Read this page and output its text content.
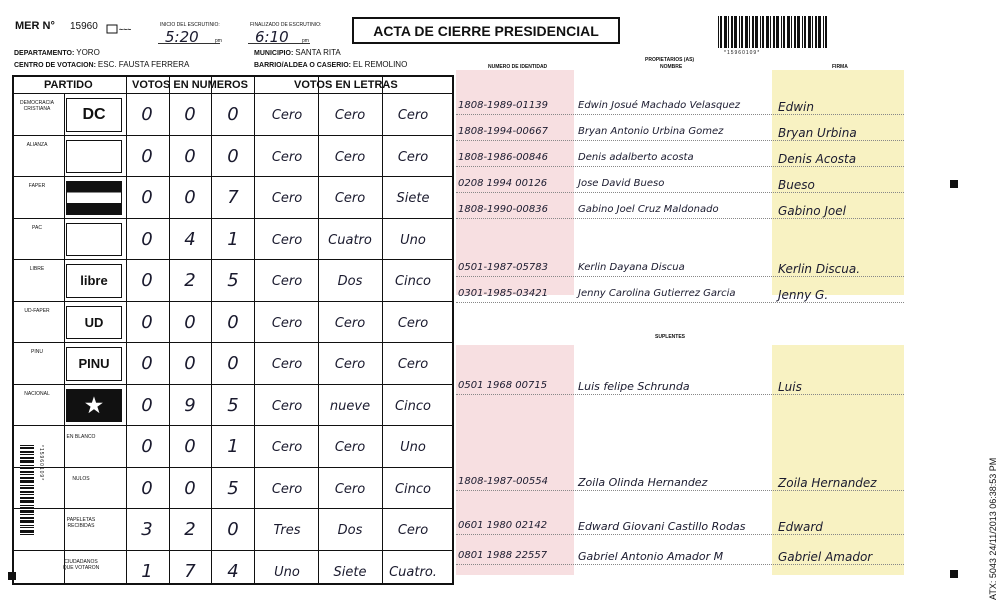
MER N° 15960	~~~
INICIO DEL ESCRUTINIO:
5:20	pm
FINALIZADO DE ESCRUTINIO:
6:10	pm
ACTA DE CIERRE PRESIDENCIAL
DEPARTAMENTO: YORO	MUNICIPIO: SANTA RITA
CENTRO DE VOTACION: ESC. FAUSTA FERRERA	BARRIO/ALDEA O CASERIO: EL REMOLINO
*15960109*
PARTIDO	VOTOS EN NUMEROS	VOTOS EN LETRAS
DEMOCRACIA CRISTIANA	DC	0	0	0	Cero	Cero	Cero
ALIANZA
0	0	0	Cero	Cero	Cero
FAPER
0	0	7	Cero	Cero	Siete
PAC
0	4	1	Cero	Cuatro	Uno
LIBRE
libre	0	2	5	Cero	Dos	Cinco
UD-FAPER
UD	0	0	0	Cero	Cero	Cero
PINU
PINU	0	0	0	Cero	Cero	Cero
NACIONAL
★	0	9	5	Cero	nueve	Cinco
EN BLANCO	0	0	1	Cero	Cero	Uno
NULOS	0	0	5	Cero	Cero	Cinco
PAPELETAS RECIBIDAS	3	2	0	Tres	Dos	Cero
CIUDADANOS QUE VOTARON	1	7	4	Uno	Siete	Cuatro.
*15960109*
NUMERO DE IDENTIDAD
PROPIETARIOS (AS)
NOMBRE	FIRMA
SUPLENTES
1808-1989-01139	Edwin Josué Machado Velasquez	Edwin
1808-1994-00667	Bryan Antonio Urbina Gomez	Bryan Urbina
1808-1986-00846	Denis adalberto acosta	Denis Acosta
0208 1994 00126	Jose David Bueso	Bueso
1808-1990-00836	Gabino Joel Cruz Maldonado	Gabino Joel
0501-1987-05783	Kerlin Dayana Discua	Kerlin Discua.
0301-1985-03421	Jenny Carolina Gutierrez Garcia	Jenny G.
0501 1968 00715	Luis felipe Schrunda	Luis
1808-1987-00554	Zoila Olinda Hernandez	Zoila Hernandez
0601 1980 02142	Edward Giovani Castillo Rodas	Edward
0801 1988 22557	Gabriel Antonio Amador M	Gabriel Amador	ATX: 5043 24/11/2013 06:38:53 PM
